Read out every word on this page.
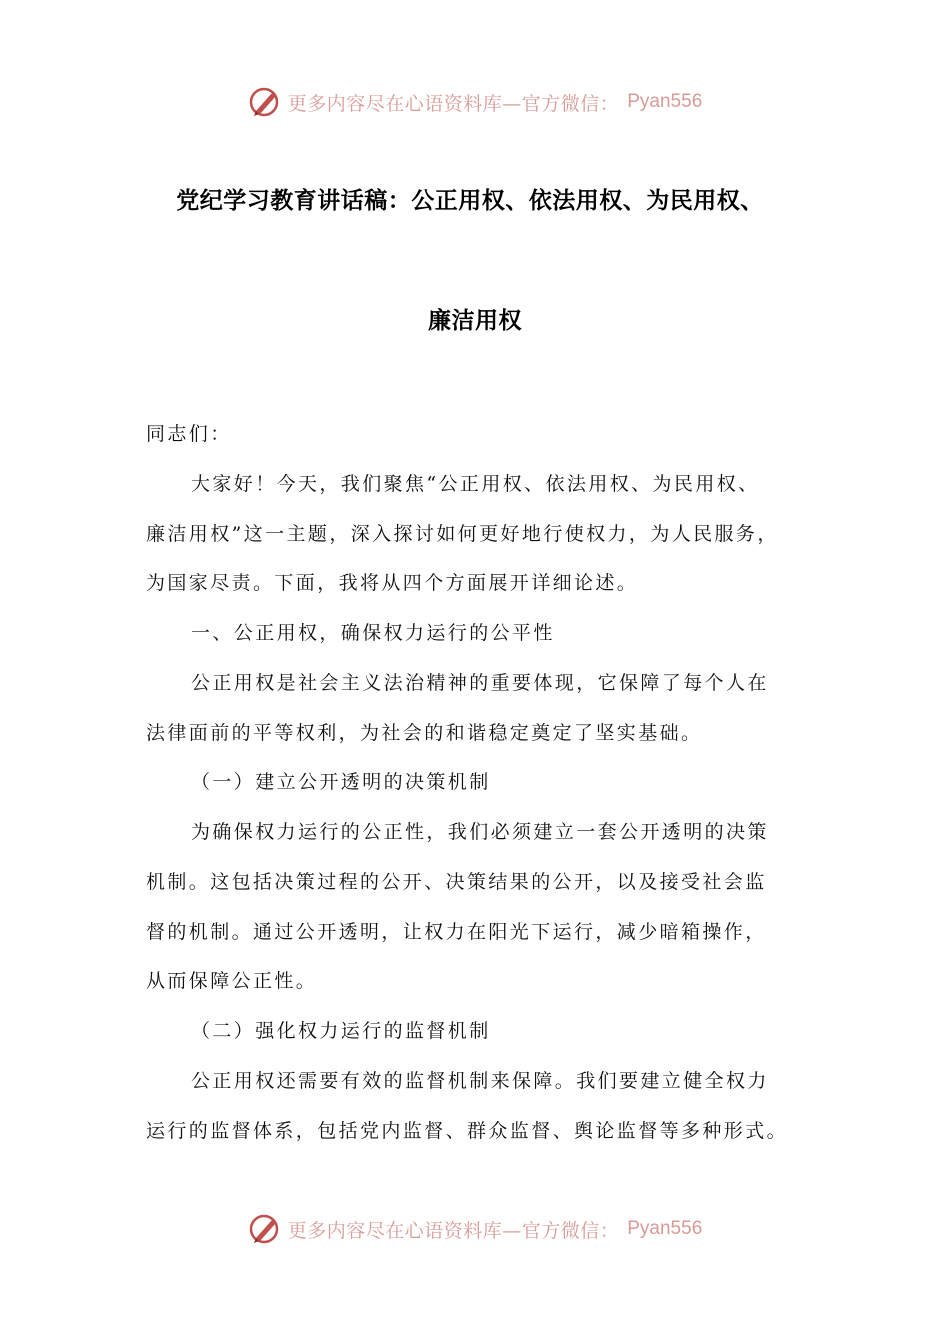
更多内容尽在心语资料库—官方微信： Pyan556
党纪学习教育讲话稿：公正用权、依法用权、为民用权、
廉洁用权
同志们：
大家好！今天，我们聚焦“公正用权、依法用权、为民用权、
廉洁用权”这一主题，深入探讨如何更好地行使权力，为人民服务，
为国家尽责。下面，我将从四个方面展开详细论述。
一、公正用权，确保权力运行的公平性
公正用权是社会主义法治精神的重要体现，它保障了每个人在
法律面前的平等权利，为社会的和谐稳定奠定了坚实基础。
（一）建立公开透明的决策机制
为确保权力运行的公正性，我们必须建立一套公开透明的决策
机制。这包括决策过程的公开、决策结果的公开，以及接受社会监
督的机制。通过公开透明，让权力在阳光下运行，减少暗箱操作，
从而保障公正性。
（二）强化权力运行的监督机制
公正用权还需要有效的监督机制来保障。我们要建立健全权力
运行的监督体系，包括党内监督、群众监督、舆论监督等多种形式。
更多内容尽在心语资料库—官方微信： Pyan556
